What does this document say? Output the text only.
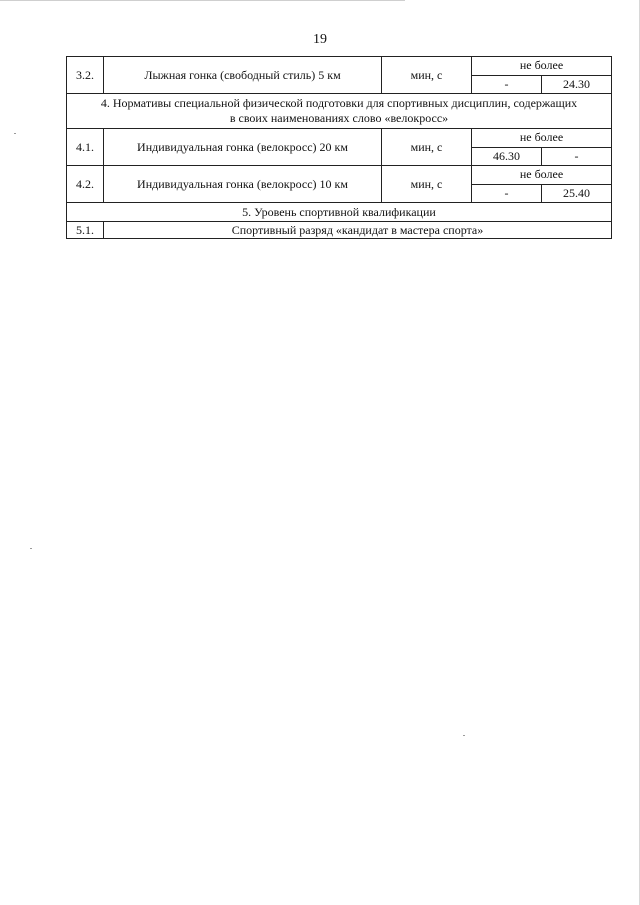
19
3.2.	Лыжная гонка (свободный стиль) 5 км	мин, с	не более	
			-	24.30
4. Нормативы специальной физической подготовки для спортивных дисциплин, содержащих
в своих наименованиях слово «велокросс»				
4.1.	Индивидуальная гонка (велокросс) 20 км	мин, с	не более	
			46.30	-
4.2.	Индивидуальная гонка (велокросс) 10 км	мин, с	не более	
			-	25.40
5. Уровень спортивной квалификации				
5.1.	Спортивный разряд «кандидат в мастера спорта»			
